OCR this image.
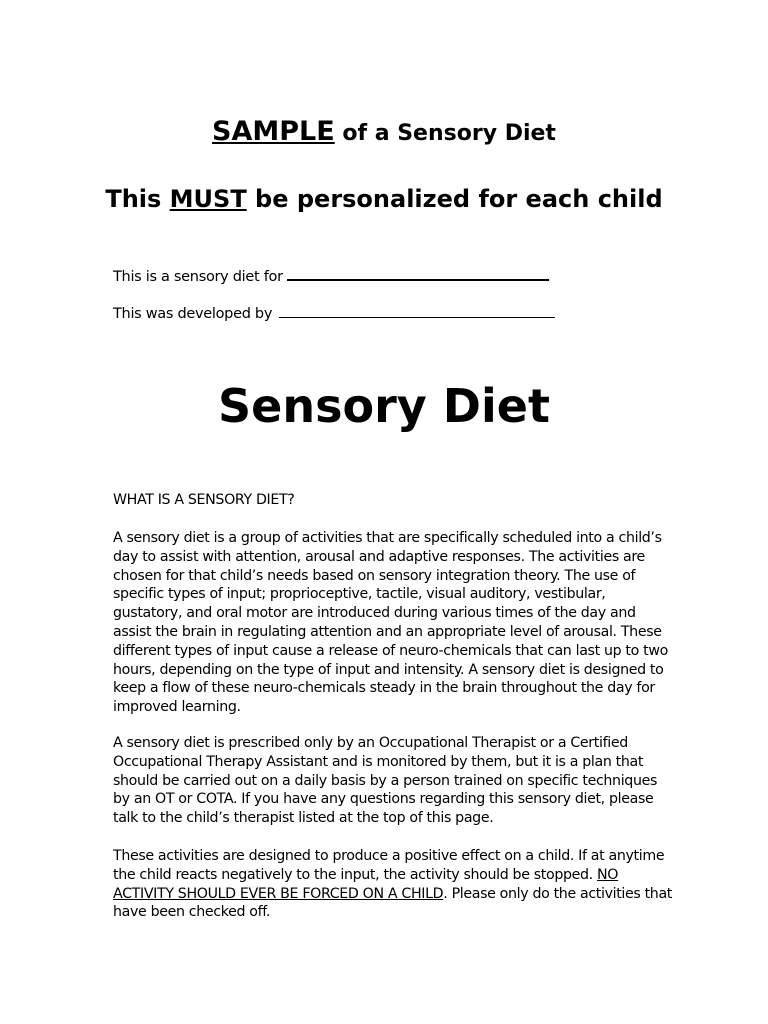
SAMPLE of a Sensory Diet
This MUST be personalized for each child
This is a sensory diet for
This was developed by
Sensory Diet
WHAT IS A SENSORY DIET?
A sensory diet is a group of activities that are specifically scheduled into a child’s day to assist with attention, arousal and adaptive responses. The activities are chosen for that child’s needs based on sensory integration theory. The use of specific types of input; proprioceptive, tactile, visual auditory, vestibular, gustatory, and oral motor are introduced during various times of the day and assist the brain in regulating attention and an appropriate level of arousal. These different types of input cause a release of neuro-chemicals that can last up to two hours, depending on the type of input and intensity. A sensory diet is designed to keep a flow of these neuro-chemicals steady in the brain throughout the day for improved learning.
A sensory diet is prescribed only by an Occupational Therapist or a Certified Occupational Therapy Assistant and is monitored by them, but it is a plan that should be carried out on a daily basis by a person trained on specific techniques by an OT or COTA. If you have any questions regarding this sensory diet, please talk to the child’s therapist listed at the top of this page.
These activities are designed to produce a positive effect on a child. If at anytime the child reacts negatively to the input, the activity should be stopped. NO ACTIVITY SHOULD EVER BE FORCED ON A CHILD. Please only do the activities that have been checked off.
